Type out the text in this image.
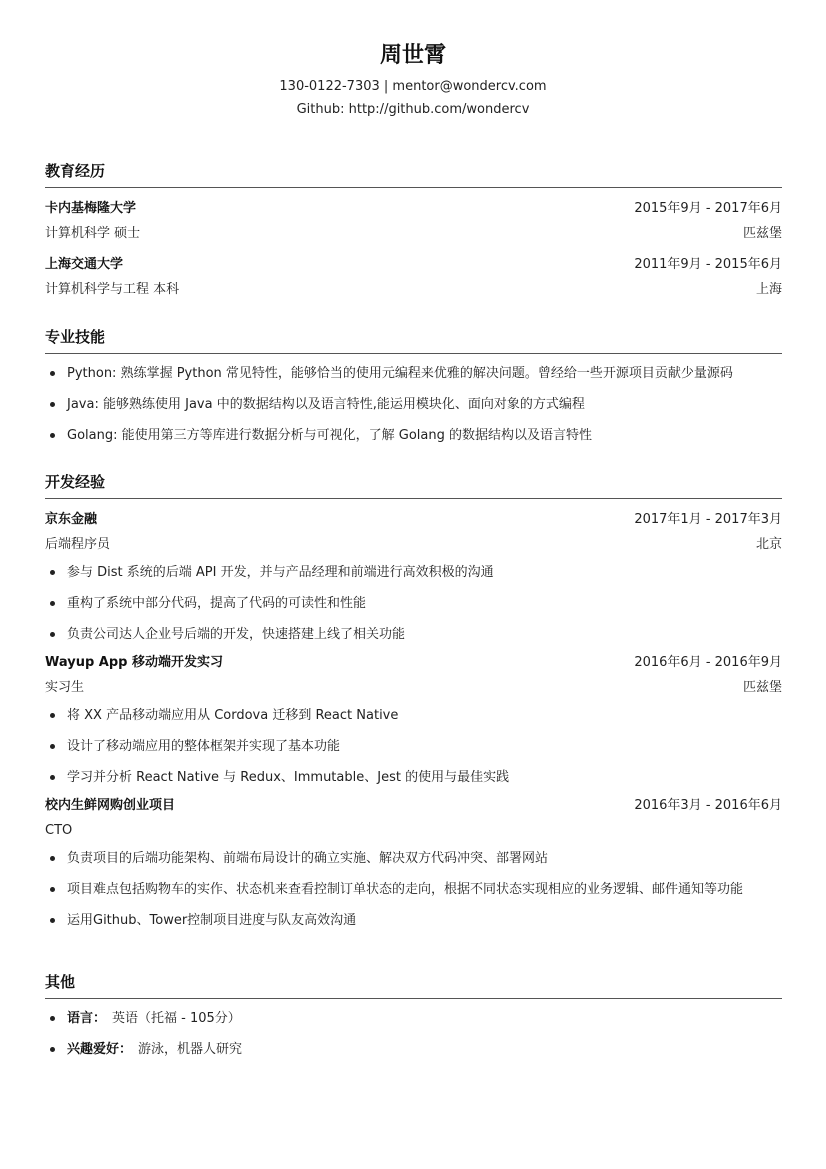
周世霄
130-0122-7303 | mentor@wondercv.com
Github: http://github.com/wondercv
教育经历
卡内基梅隆大学	2015年9月 - 2017年6月
计算机科学 硕士	匹兹堡
上海交通大学	2011年9月 - 2015年6月
计算机科学与工程 本科	上海
专业技能
Python: 熟练掌握 Python 常见特性，能够恰当的使用元编程来优雅的解决问题。曾经给一些开源项目贡献少量源码
Java: 能够熟练使用 Java 中的数据结构以及语言特性,能运用模块化、面向对象的方式编程
Golang: 能使用第三方等库进行数据分析与可视化，了解 Golang 的数据结构以及语言特性
开发经验
京东金融	2017年1月 - 2017年3月
后端程序员	北京
参与 Dist 系统的后端 API 开发，并与产品经理和前端进行高效积极的沟通
重构了系统中部分代码，提高了代码的可读性和性能
负责公司达人企业号后端的开发，快速搭建上线了相关功能
Wayup App 移动端开发实习	2016年6月 - 2016年9月
实习生	匹兹堡
将 XX 产品移动端应用从 Cordova 迁移到 React Native
设计了移动端应用的整体框架并实现了基本功能
学习并分析 React Native 与 Redux、Immutable、Jest 的使用与最佳实践
校内生鲜网购创业项目	2016年3月 - 2016年6月
CTO
负责项目的后端功能架构、前端布局设计的确立实施、解决双方代码冲突、部署网站
项目难点包括购物车的实作、状态机来查看控制订单状态的走向，根据不同状态实现相应的业务逻辑、邮件通知等功能
运用Github、Tower控制项目进度与队友高效沟通
其他
语言： 英语（托福 - 105分）
兴趣爱好： 游泳，机器人研究
